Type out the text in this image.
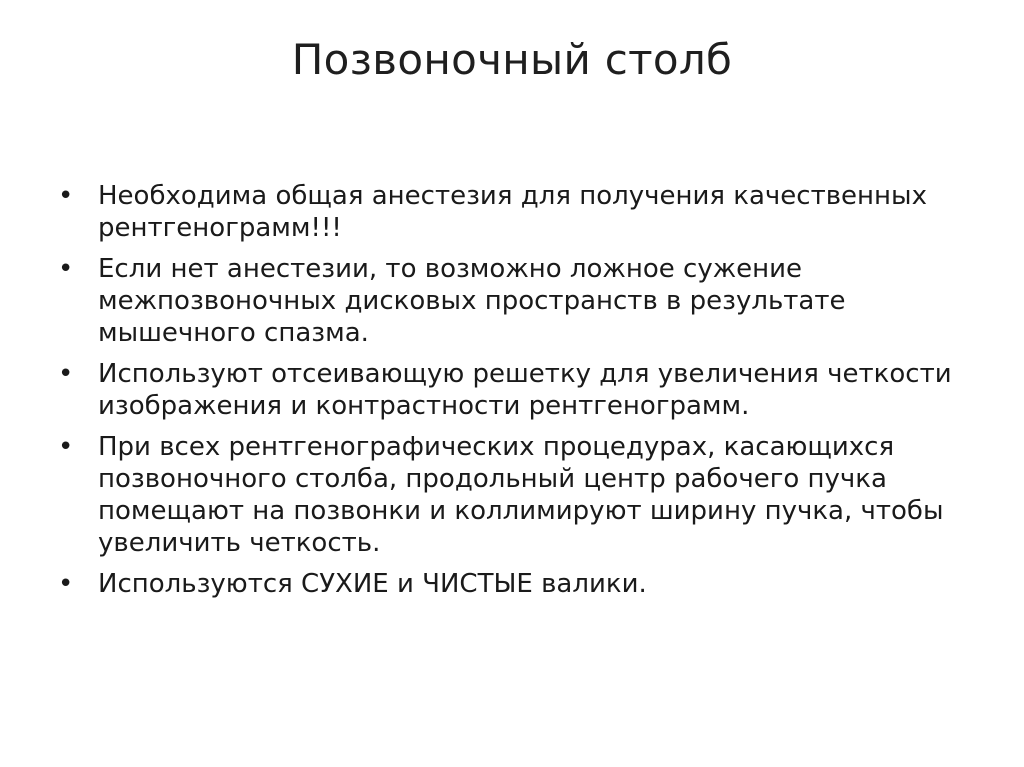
Позвоночный столб
• Необходима общая анестезия для получения качественных рентгенограмм!!!
• Если нет анестезии, то возможно ложное сужение межпозвоночных дисковых пространств в результате мышечного спазма.
• Используют отсеивающую решетку для увеличения четкости изображения и контрастности рентгенограмм.
• При всех рентгенографических процедурах, касающихся позвоночного столба, продольный центр рабочего пучка помещают на позвонки и коллимируют ширину пучка, чтобы увеличить четкость.
• Используются СУХИЕ и ЧИСТЫЕ валики.
